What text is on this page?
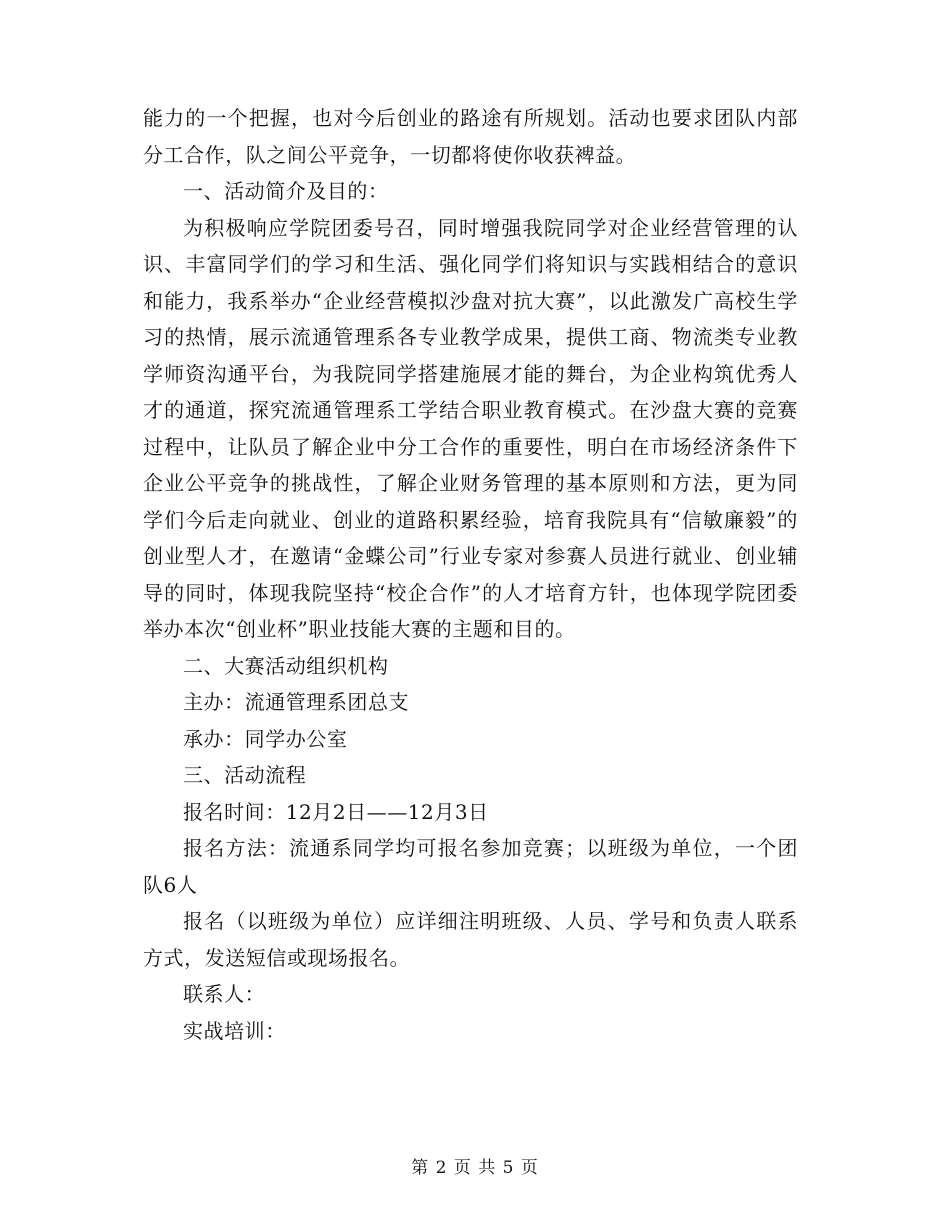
能力的一个把握，也对今后创业的路途有所规划。活动也要求团队内部分工合作，队之间公平竞争，一切都将使你收获裨益。

一、活动简介及目的：

为积极响应学院团委号召，同时增强我院同学对企业经营管理的认识、丰富同学们的学习和生活、强化同学们将知识与实践相结合的意识和能力，我系举办“企业经营模拟沙盘对抗大赛”，以此激发广高校生学习的热情，展示流通管理系各专业教学成果，提供工商、物流类专业教学师资沟通平台，为我院同学搭建施展才能的舞台，为企业构筑优秀人才的通道，探究流通管理系工学结合职业教育模式。在沙盘大赛的竞赛过程中，让队员了解企业中分工合作的重要性，明白在市场经济条件下企业公平竞争的挑战性，了解企业财务管理的基本原则和方法，更为同学们今后走向就业、创业的道路积累经验，培育我院具有“信敏廉毅”的创业型人才，在邀请“金蝶公司”行业专家对参赛人员进行就业、创业辅导的同时，体现我院坚持“校企合作”的人才培育方针，也体现学院团委举办本次“创业杯”职业技能大赛的主题和目的。

二、大赛活动组织机构

主办：流通管理系团总支

承办：同学办公室

三、活动流程

报名时间：12月2日——12月3日

报名方法：流通系同学均可报名参加竞赛；以班级为单位，一个团队6人

报名（以班级为单位）应详细注明班级、人员、学号和负责人联系方式，发送短信或现场报名。

联系人：

实战培训：

第 2 页 共 5 页
